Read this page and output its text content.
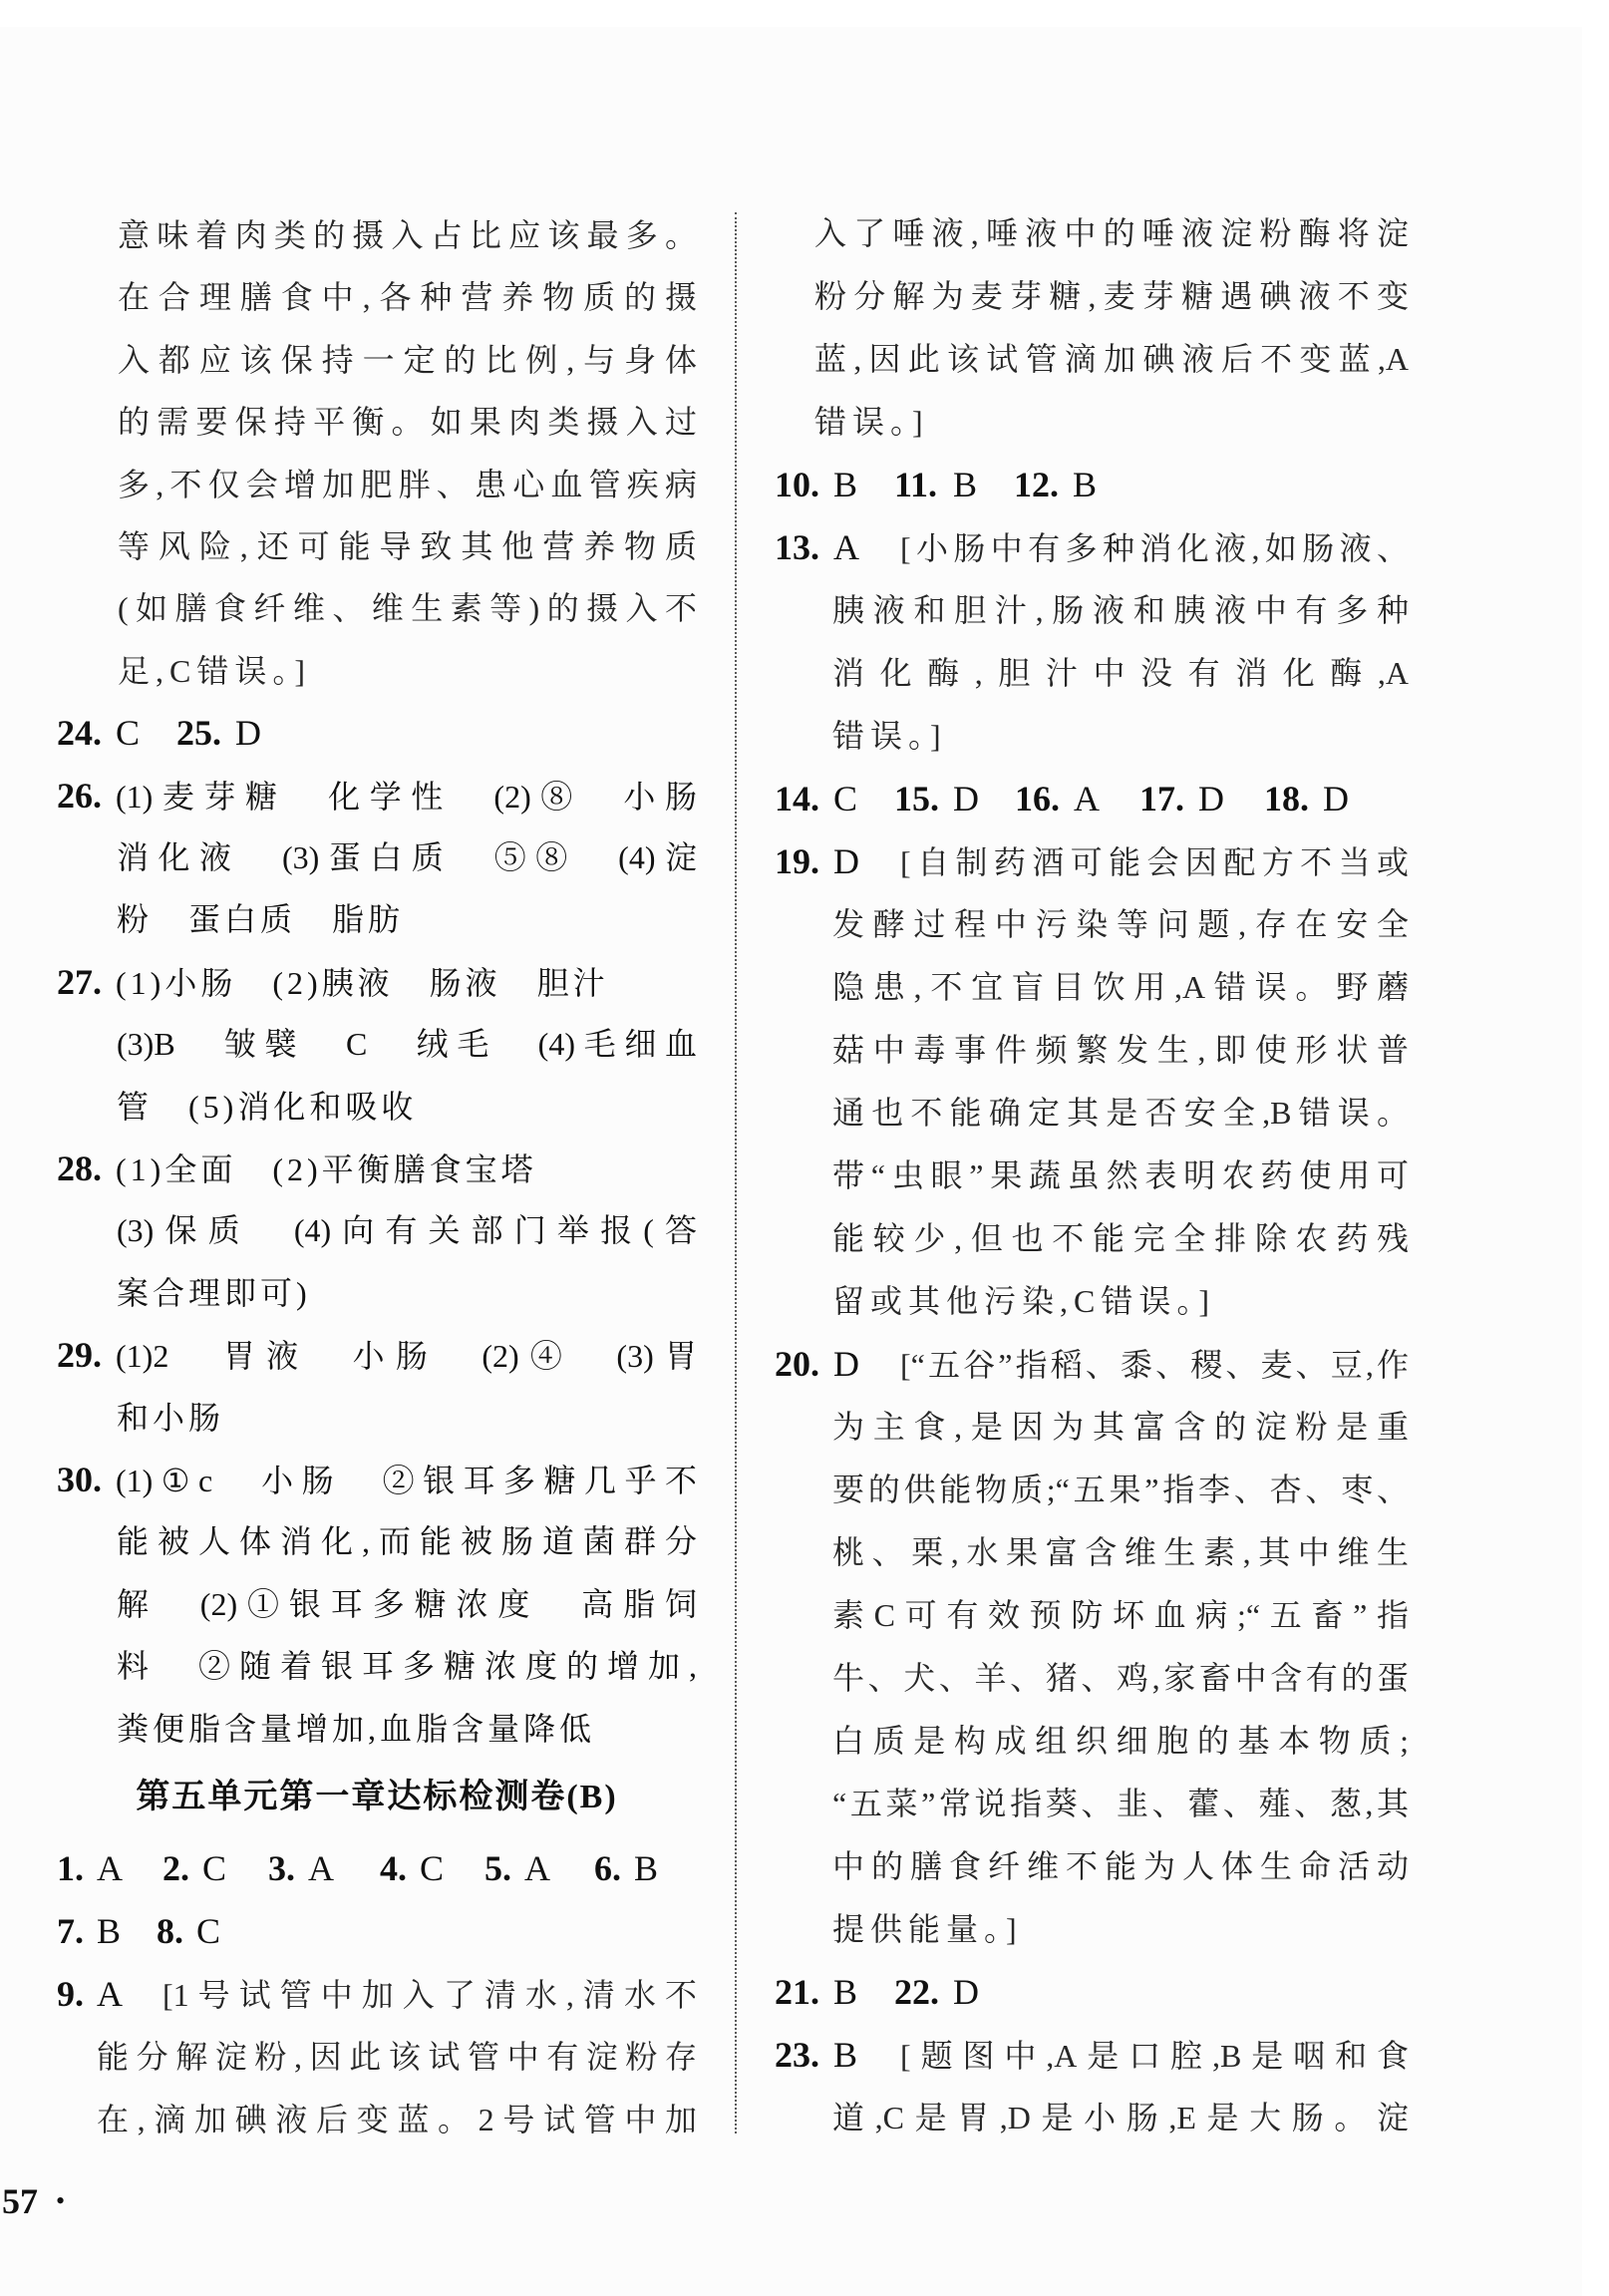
意味着肉类的摄入占比应该最多。
在合理膳食中,各种营养物质的摄
入都应该保持一定的比例,与身体
的需要保持平衡。如果肉类摄入过
多,不仅会增加肥胖、患心血管疾病
等风险,还可能导致其他营养物质
(如膳食纤维、维生素等)的摄入不
足,C错误。]
24. C 25. D
26. (1)麦芽糖　化学性　(2)⑧　小肠
消化液　(3)蛋白质　⑤⑧　(4)淀
粉　蛋白质　脂肪
27. (1)小肠　(2)胰液　肠液　胆汁
(3)B　皱襞　C　绒毛　(4)毛细血
管　(5)消化和吸收
28. (1)全面　(2)平衡膳食宝塔
(3)保质　(4)向有关部门举报(答
案合理即可)
29. (1)2　胃液　小肠　(2)④　(3)胃
和小肠
30. (1)①c　小肠　②银耳多糖几乎不
能被人体消化,而能被肠道菌群分
解　(2)①银耳多糖浓度　高脂饲
料　②随着银耳多糖浓度的增加,
粪便脂含量增加,血脂含量降低
第五单元第一章达标检测卷(B)
1. A 2. C 3. A 4. C 5. A 6. B
7. B 8. C
9. A	[1号试管中加入了清水,清水不
能分解淀粉,因此该试管中有淀粉存
在,滴加碘液后变蓝。2号试管中加
入了唾液,唾液中的唾液淀粉酶将淀
粉分解为麦芽糖,麦芽糖遇碘液不变
蓝,因此该试管滴加碘液后不变蓝,A
错误。]
10. B 11. B 12. B
13. A	[小肠中有多种消化液,如肠液、
胰液和胆汁,肠液和胰液中有多种
消化酶,胆汁中没有消化酶,A
错误。]
14. C 15. D 16. A 17. D 18. D
19. D	[自制药酒可能会因配方不当或
发酵过程中污染等问题,存在安全
隐患,不宜盲目饮用,A错误。野蘑
菇中毒事件频繁发生,即使形状普
通也不能确定其是否安全,B错误。
带“虫眼”果蔬虽然表明农药使用可
能较少,但也不能完全排除农药残
留或其他污染,C错误。]
20. D	[“五谷”指稻、黍、稷、麦、豆,作
为主食,是因为其富含的淀粉是重
要的供能物质;“五果”指李、杏、枣、
桃、栗,水果富含维生素,其中维生
素C可有效预防坏血病;“五畜”指
牛、犬、羊、猪、鸡,家畜中含有的蛋
白质是构成组织细胞的基本物质;
“五菜”常说指葵、韭、藿、薤、葱,其
中的膳食纤维不能为人体生命活动
提供能量。]
21. B 22. D
23. B	[题图中,A是口腔,B是咽和食
道,C是胃,D是小肠,E是大肠。淀
57 •
